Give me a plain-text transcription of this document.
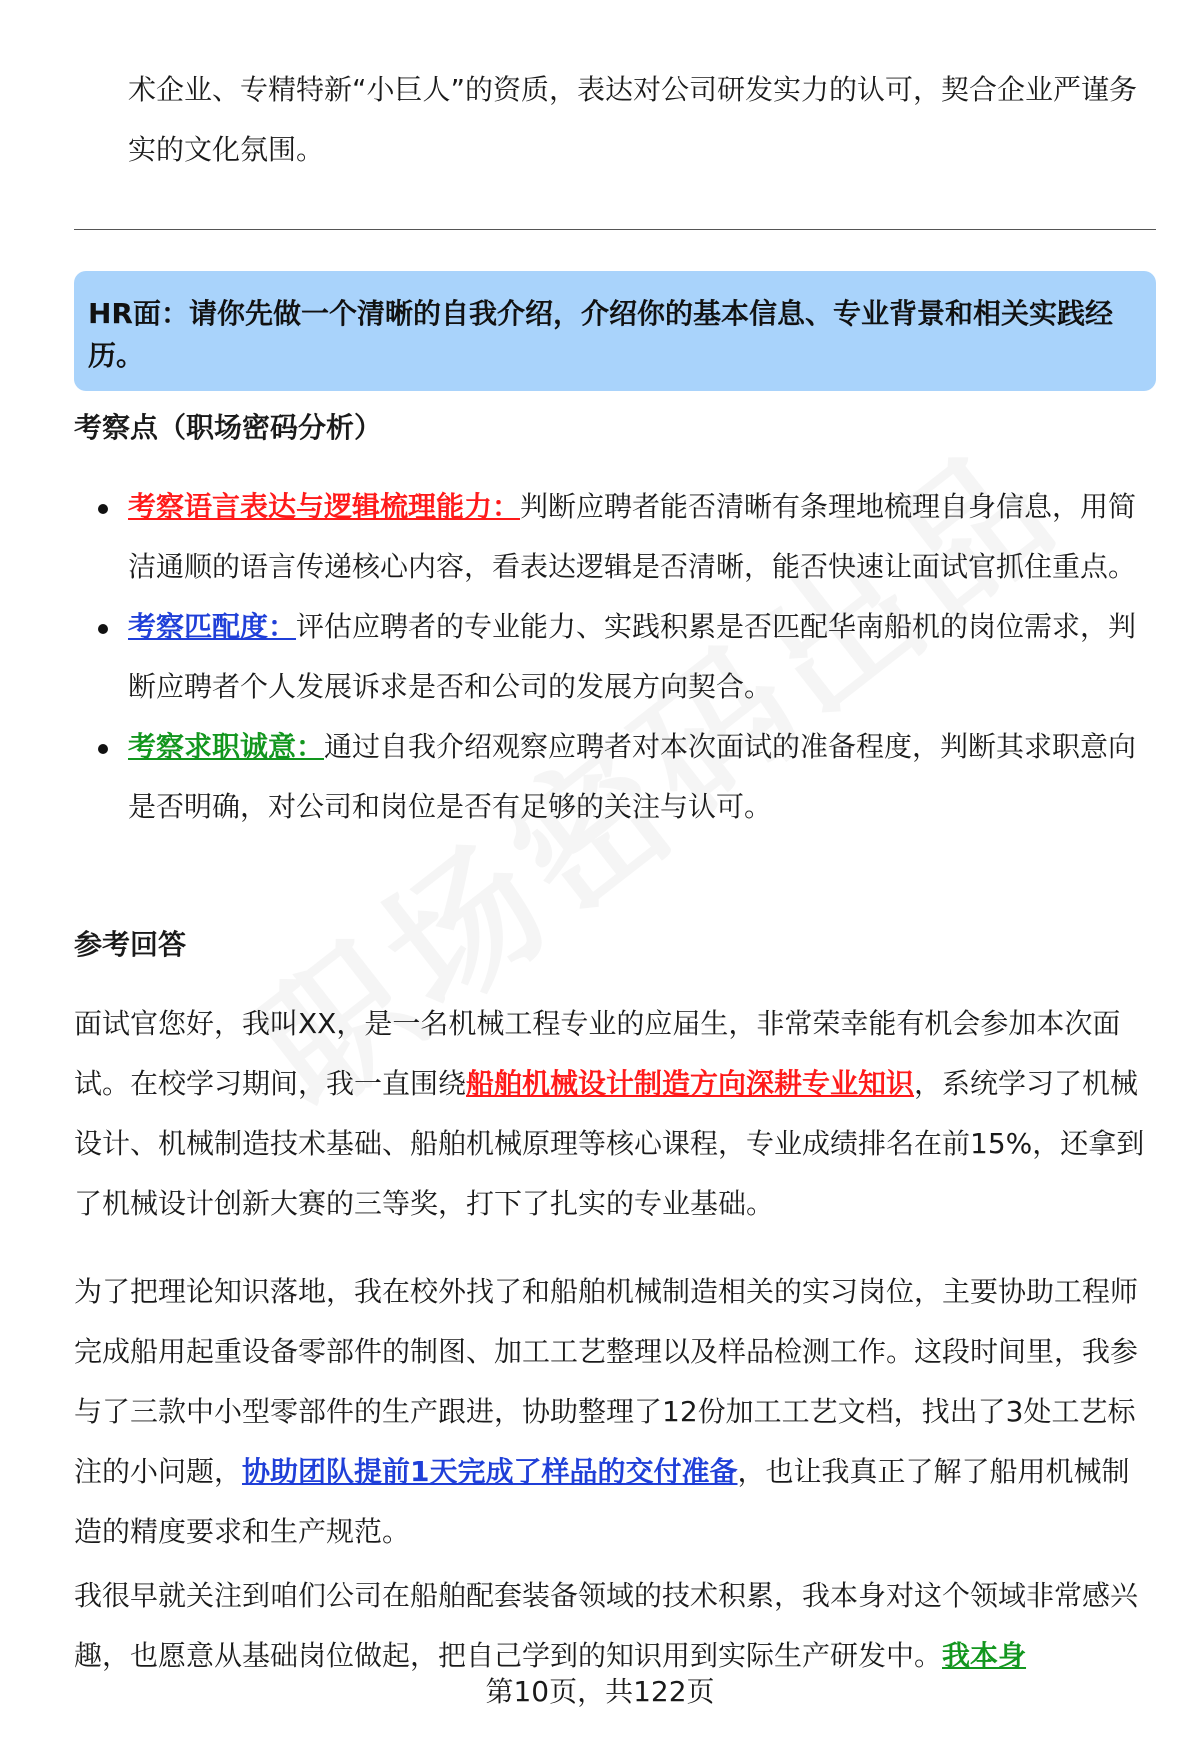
术企业、专精特新“小巨人”的资质，表达对公司研发实力的认可，契合企业严谨务实的文化氛围。

HR面：请你先做一个清晰的自我介绍，介绍你的基本信息、专业背景和相关实践经历。

考察点（职场密码分析）

考察语言表达与逻辑梳理能力：判断应聘者能否清晰有条理地梳理自身信息，用简洁通顺的语言传递核心内容，看表达逻辑是否清晰，能否快速让面试官抓住重点。
考察匹配度：评估应聘者的专业能力、实践积累是否匹配华南船机的岗位需求，判断应聘者个人发展诉求是否和公司的发展方向契合。
考察求职诚意：通过自我介绍观察应聘者对本次面试的准备程度，判断其求职意向是否明确，对公司和岗位是否有足够的关注与认可。

参考回答

面试官您好，我叫XX，是一名机械工程专业的应届生，非常荣幸能有机会参加本次面试。在校学习期间，我一直围绕船舶机械设计制造方向深耕专业知识，系统学习了机械设计、机械制造技术基础、船舶机械原理等核心课程，专业成绩排名在前15%，还拿到了机械设计创新大赛的三等奖，打下了扎实的专业基础。

为了把理论知识落地，我在校外找了和船舶机械制造相关的实习岗位，主要协助工程师完成船用起重设备零部件的制图、加工工艺整理以及样品检测工作。这段时间里，我参与了三款中小型零部件的生产跟进，协助整理了12份加工工艺文档，找出了3处工艺标注的小问题，协助团队提前1天完成了样品的交付准备，也让我真正了解了船用机械制造的精度要求和生产规范。

我很早就关注到咱们公司在船舶配套装备领域的技术积累，我本身对这个领域非常感兴趣，也愿意从基础岗位做起，把自己学到的知识用到实际生产研发中。我本身

第10页，共122页
